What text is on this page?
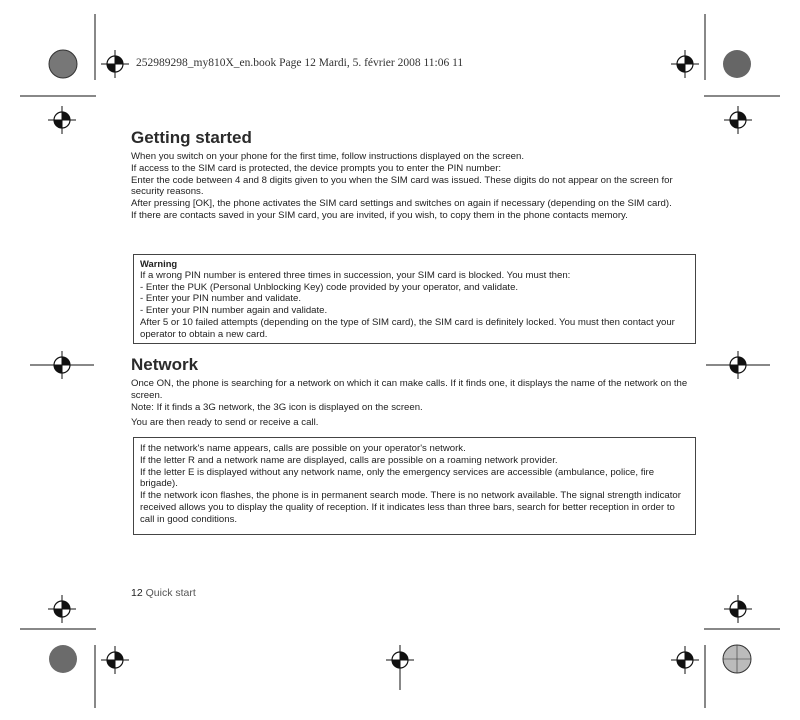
252989298_my810X_en.book Page 12 Mardi, 5. février 2008 11:06 11
Getting started

When you switch on your phone for the first time, follow instructions displayed on the screen.

If access to the SIM card is protected, the device prompts you to enter the PIN number:

Enter the code between 4 and 8 digits given to you when the SIM card was issued. These digits do not appear on the screen for security reasons.

After pressing [OK], the phone activates the SIM card settings and switches on again if necessary (depending on the SIM card).

If there are contacts saved in your SIM card, you are invited, if you wish, to copy them in the phone contacts memory.

Warning

If a wrong PIN number is entered three times in succession, your SIM card is blocked. You must then:

- Enter the PUK (Personal Unblocking Key) code provided by your operator, and validate.

- Enter your PIN number and validate.

- Enter your PIN number again and validate.

After 5 or 10 failed attempts (depending on the type of SIM card), the SIM card is definitely locked. You must then contact your operator to obtain a new card.

Network

Once ON, the phone is searching for a network on which it can make calls. If it finds one, it displays the name of the network on the screen.

Note: If it finds a 3G network, the 3G icon is displayed on the screen.

You are then ready to send or receive a call.

If the network's name appears, calls are possible on your operator's network.

If the letter R and a network name are displayed, calls are possible on a roaming network provider.

If the letter E is displayed without any network name, only the emergency services are accessible (ambulance, police, fire brigade).

If the network icon flashes, the phone is in permanent search mode. There is no network available. The signal strength indicator received allows you to display the quality of reception. If it indicates less than three bars, search for better reception in order to call in good conditions.

12 Quick start
